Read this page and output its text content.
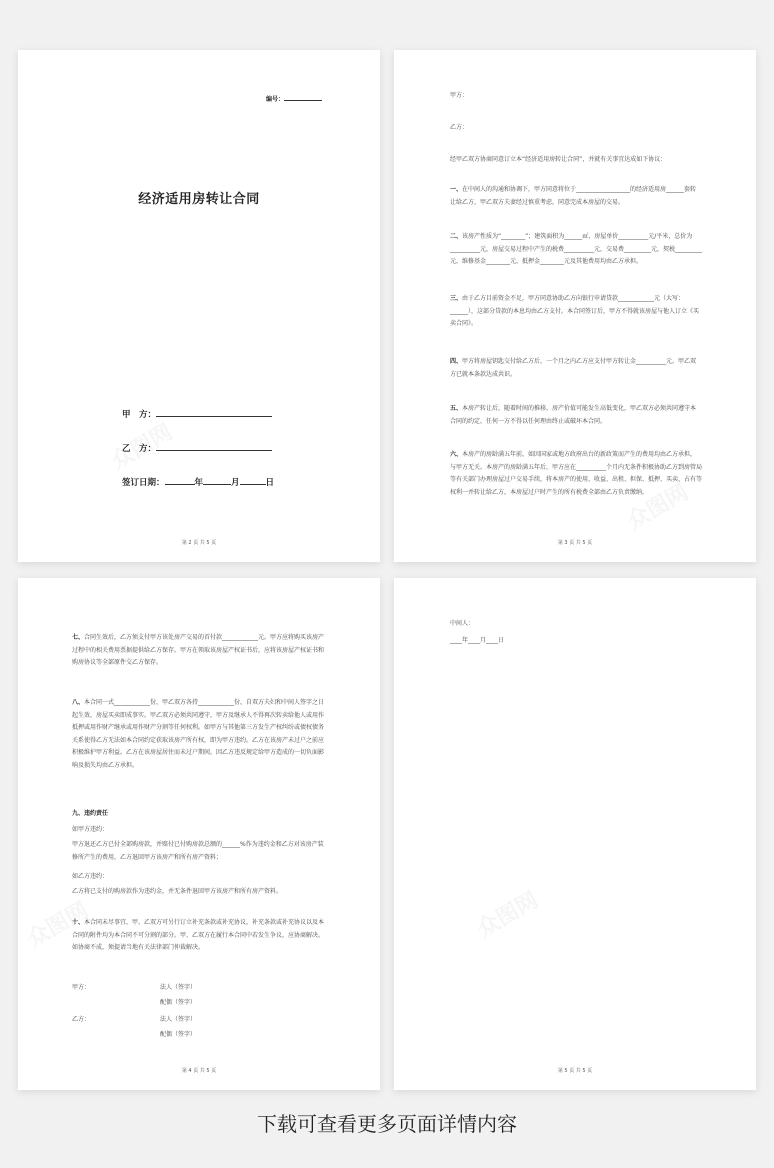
编号：
经济适用房转让合同
甲　方：
乙　方：
签订日期：	年	月	日
第 2 页 共 5 页
甲方：
乙方：
经甲乙双方协商同意订立本“经济适用房转让合同”，并就有关事宜达成如下协议：
一、在中间人的沟通和协调下，甲方同意将位于__________________的经济适用房______套转让给乙方，甲乙双方夫妻经过慎重考虑，同意完成本房屋的交易。
二、该房产性质为“________”；建筑面积为______㎡，房屋单价__________元/平米，总价为__________元，房屋交易过程中产生的税费__________元，交易费_________元，契税_________元，维修基金________元，抵押金________元及其他费用均由乙方承担。
三、由于乙方目前资金不足，甲方同意协助乙方向银行申请贷款____________元（大写：______），这部分贷款的本息均由乙方支付。本合同签订后，甲方不得就该房屋与他人订立《买卖合同》。
四、甲方将房屋钥匙交付给乙方后，一个月之内乙方应支付甲方转让金__________元。甲乙双方已就本条款达成共识。
五、本房产转让后，随着时间的推移，房产价值可能发生高低变化，甲乙双方必须共同遵守本合同的约定，任何一方不得以任何理由终止或破坏本合同。
六、本房产的房龄满五年前，如因国家或地方政府出台的新政策而产生的费用均由乙方承担，与甲方无关。本房产的房龄满五年后，甲方应在__________个月内无条件积极协助乙方到房管局等有关部门办理房屋过户交易手续，将本房产的使用、收益、出租、担保、抵押、买卖、占有等权利一并转让给乙方，本房屋过户时产生的所有税费全部由乙方负责缴纳。
第 3 页 共 5 页
七、合同生效后，乙方须支付甲方该处房产交易的首付款____________元。甲方应将购买该房产过程中的相关费用票据提供给乙方保存。甲方在领取该房屋产权证书后，应将该房屋产权证书和购房协议等全部原件交乙方保存。
八、本合同一式____________份，甲乙双方各持____________份，自双方夫妇和中间人签字之日起生效，房屋买卖即成事实。甲乙双方必须共同遵守，甲方及继承人不得再次转卖给他人或用作抵押或用作财产继承或用作财产分割等任何权利。如甲方与其他第三方发生产权纠纷或债权债务关系使得乙方无法如本合同约定获取该房产所有权，即为甲方违约。乙方在该房产未过户之前应积极维护甲方利益。乙方在该房屋居住而未过户期间，因乙方违反规定给甲方造成的一切负面影响及损失均由乙方承担。
九、违约责任
如甲方违约：
甲方退还乙方已付全部购房款，并赔付已付购房款总额的______%作为违约金和乙方对该房产装修所产生的费用，乙方退回甲方该房产和所有房产资料；
如乙方违约：
乙方将已支付的购房款作为违约金，并无条件退回甲方该房产和所有房产资料。
十、本合同未尽事宜，甲、乙双方可另行订立补充条款或补充协议，补充条款或补充协议以及本合同的附件均为本合同不可分割的部分。甲、乙双方在履行本合同中若发生争议，应协商解决。如协商不成，须提请当地有关法律部门仲裁解决。
甲方：	法人（签字）
配偶（签字）
乙方：	法人（签字）
配偶（签字）
第 4 页 共 5 页
中间人：
____年____月____日
第 5 页 共 5 页
下载可查看更多页面详情内容
